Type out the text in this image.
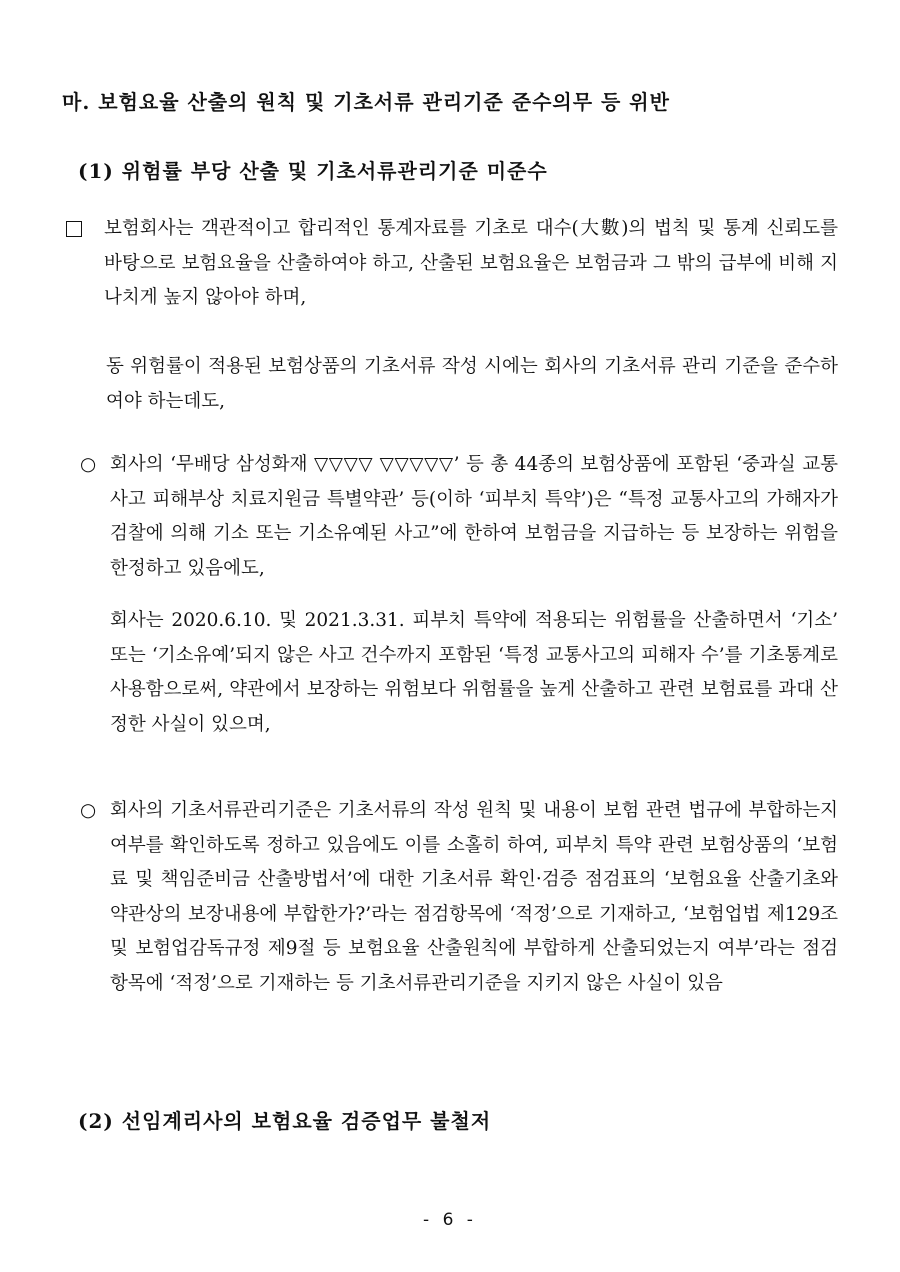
마. 보험요율 산출의 원칙 및 기초서류 관리기준 준수의무 등 위반
(1) 위험률 부당 산출 및 기초서류관리기준 미준수

보험회사는 객관적이고 합리적인 통계자료를 기초로 대수(大數)의 법칙 및 통계 신뢰도를 바탕으로 보험요율을 산출하여야 하고, 산출된 보험요율은 보험금과 그 밖의 급부에 비해 지나치게 높지 않아야 하며,

동 위험률이 적용된 보험상품의 기초서류 작성 시에는 회사의 기초서류 관리 기준을 준수하여야 하는데도,

○ 회사의 ‘무배당 삼성화재 ▽▽▽▽ ▽▽▽▽▽’ 등 총 44종의 보험상품에 포함된 ‘중과실 교통사고 피해부상 치료지원금 특별약관’ 등(이하 ‘피부치 특약’)은 “특정 교통사고의 가해자가 검찰에 의해 기소 또는 기소유예된 사고”에 한하여 보험금을 지급하는 등 보장하는 위험을 한정하고 있음에도,

회사는 2020.6.10. 및 2021.3.31. 피부치 특약에 적용되는 위험률을 산출하면서 ‘기소’ 또는 ‘기소유예’되지 않은 사고 건수까지 포함된 ‘특정 교통사고의 피해자 수’를 기초통계로 사용함으로써, 약관에서 보장하는 위험보다 위험률을 높게 산출하고 관련 보험료를 과대 산정한 사실이 있으며,

○ 회사의 기초서류관리기준은 기초서류의 작성 원칙 및 내용이 보험 관련 법규에 부합하는지 여부를 확인하도록 정하고 있음에도 이를 소홀히 하여, 피부치 특약 관련 보험상품의 ‘보험료 및 책임준비금 산출방법서’에 대한 기초서류 확인·검증 점검표의 ‘보험요율 산출기초와 약관상의 보장내용에 부합한가?’라는 점검항목에 ‘적정’으로 기재하고, ‘보험업법 제129조 및 보험업감독규정 제9절 등 보험요율 산출원칙에 부합하게 산출되었는지 여부’라는 점검 항목에 ‘적정’으로 기재하는 등 기초서류관리기준을 지키지 않은 사실이 있음

(2) 선임계리사의 보험요율 검증업무 불철저
- 6 -
